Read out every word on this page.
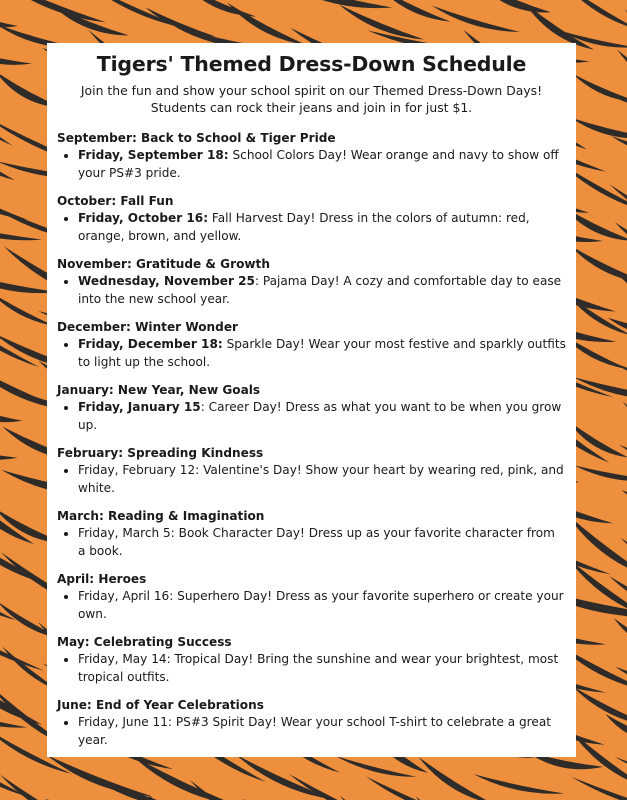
Tigers' Themed Dress-Down Schedule

Join the fun and show your school spirit on our Themed Dress-Down Days!
Students can rock their jeans and join in for just $1.

September: Back to School & Tiger Pride

• Friday, September 18: School Colors Day! Wear orange and navy to show off your PS#3 pride.

October: Fall Fun

• Friday, October 16: Fall Harvest Day! Dress in the colors of autumn: red, orange, brown, and yellow.

November: Gratitude & Growth

• Wednesday, November 25: Pajama Day! A cozy and comfortable day to ease into the new school year.

December: Winter Wonder

• Friday, December 18: Sparkle Day! Wear your most festive and sparkly outfits to light up the school.

January: New Year, New Goals

• Friday, January 15: Career Day! Dress as what you want to be when you grow up.

February: Spreading Kindness

• Friday, February 12: Valentine's Day! Show your heart by wearing red, pink, and white.

March: Reading & Imagination

• Friday, March 5: Book Character Day! Dress up as your favorite character from a book.

April: Heroes

• Friday, April 16: Superhero Day! Dress as your favorite superhero or create your own.

May: Celebrating Success

• Friday, May 14: Tropical Day! Bring the sunshine and wear your brightest, most tropical outfits.

June: End of Year Celebrations

• Friday, June 11: PS#3 Spirit Day! Wear your school T-shirt to celebrate a great year.
